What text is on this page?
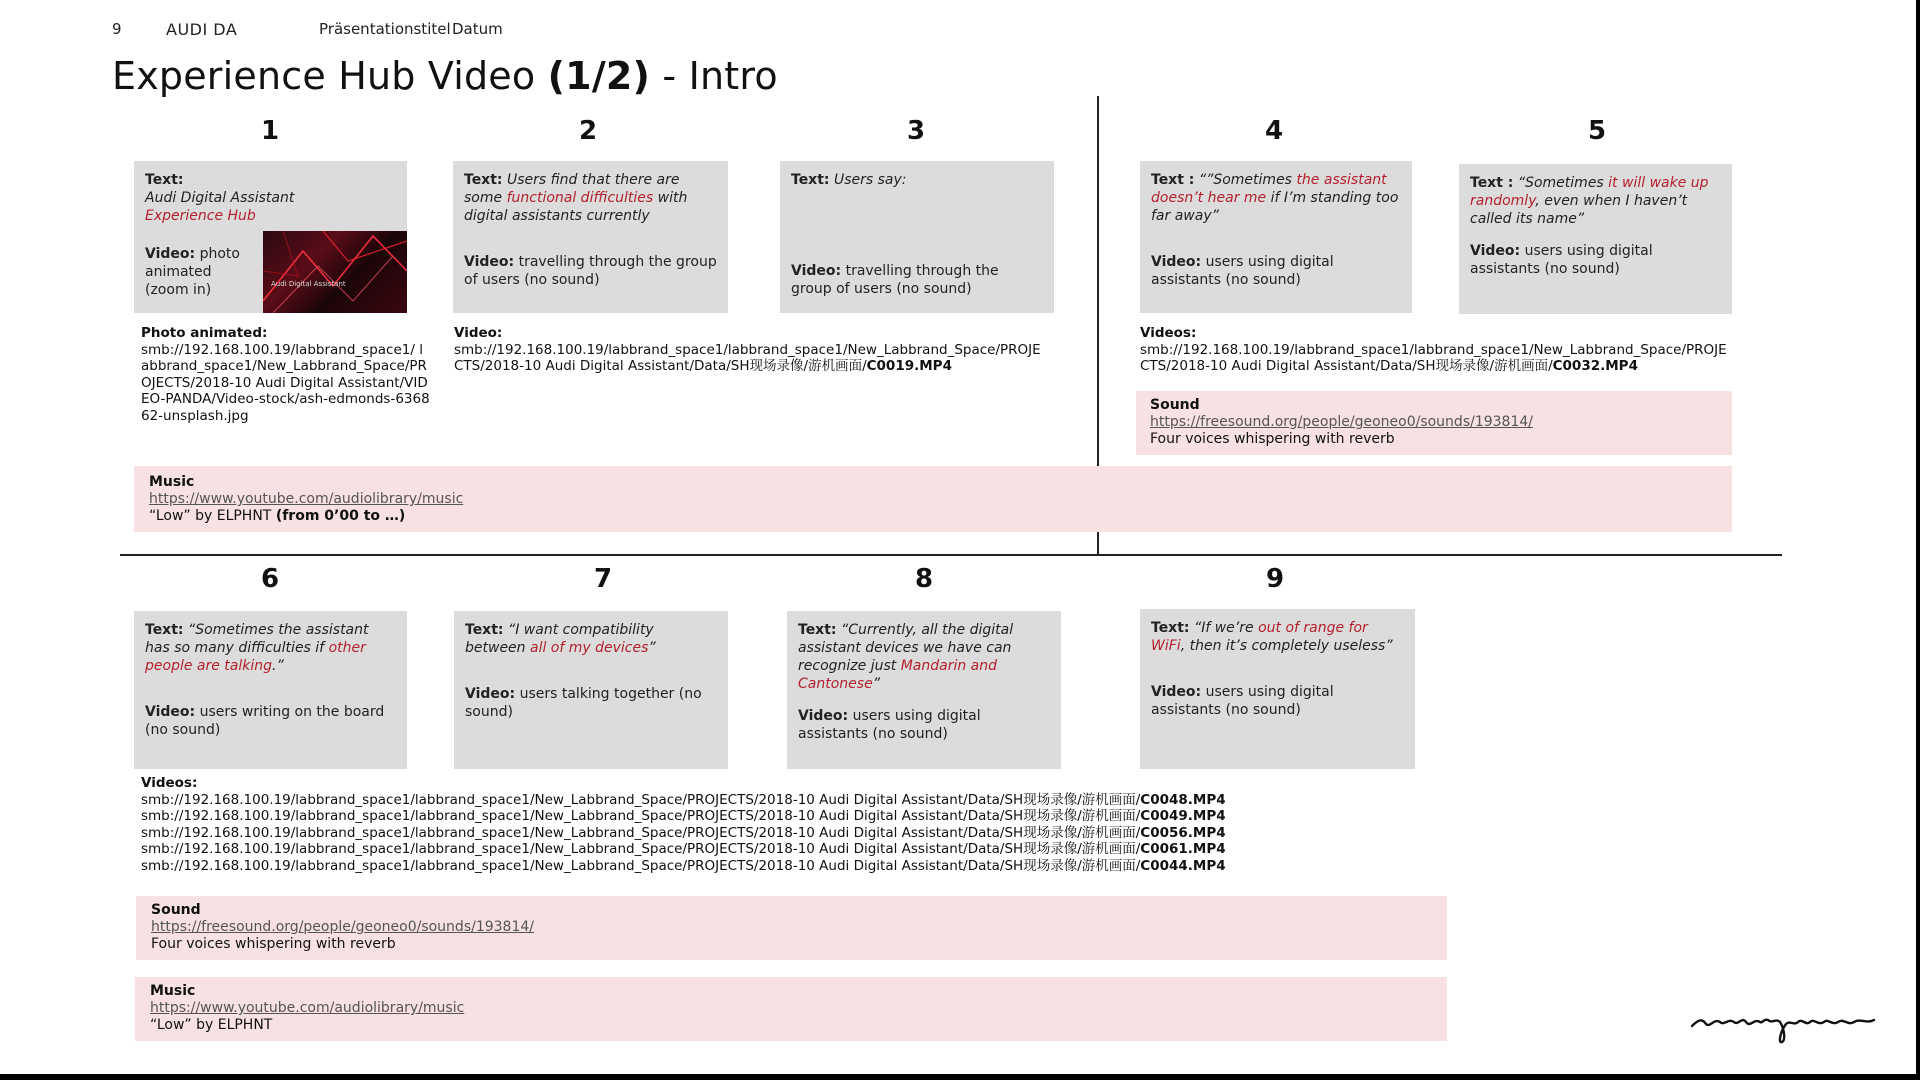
9	AUDI DA	Präsentationstitel Datum
Experience Hub Video (1/2) - Intro
1	2	3	4	5
6	7	8	9
Text:
Audi Digital Assistant
Experience Hub
Video: photo
animated
(zoom in)	Audi Digital Assistant
Text: Users find that there are some functional difficulties with digital assistants currently
Video: travelling through the group of users (no sound)
Text: Users say:
Video: travelling through the group of users (no sound)
Text : “”Sometimes the assistant doesn’t hear me if I’m standing too far away”
Video: users using digital assistants (no sound)
Text : “Sometimes it will wake up randomly, even when I haven’t called its name”
Video: users using digital assistants (no sound)
Photo animated:
smb://192.168.100.19/labbrand_space1/ labbrand_space1/New_Labbrand_Space/PR OJECTS/2018-10 Audi Digital Assistant/VIDEO-PANDA/Video-stock/ash-edmonds-636862-unsplash.jpg
Video:
smb://192.168.100.19/labbrand_space1/labbrand_space1/New_Labbrand_Space/PROJECTS/2018-10 Audi Digital Assistant/Data/SH现场录像/游机画面/C0019.MP4
Videos:
smb://192.168.100.19/labbrand_space1/labbrand_space1/New_Labbrand_Space/PROJECTS/2018-10 Audi Digital Assistant/Data/SH现场录像/游机画面/C0032.MP4
Sound
https://freesound.org/people/geoneo0/sounds/193814/
Four voices whispering with reverb
Music
https://www.youtube.com/audiolibrary/music
“Low” by ELPHNT (from 0’00 to …)
Text: “Sometimes the assistant has so many difficulties if other people are talking.”
Video: users writing on the board (no sound)
Text: “I want compatibility between all of my devices”
Video: users talking together (no sound)
Text: “Currently, all the digital assistant devices we have can recognize just Mandarin and Cantonese”
Video: users using digital assistants (no sound)
Text: “If we’re out of range for WiFi, then it’s completely useless”
Video: users using digital assistants (no sound)
Videos:
smb://192.168.100.19/labbrand_space1/labbrand_space1/New_Labbrand_Space/PROJECTS/2018-10 Audi Digital Assistant/Data/SH现场录像/游机画面/C0048.MP4
smb://192.168.100.19/labbrand_space1/labbrand_space1/New_Labbrand_Space/PROJECTS/2018-10 Audi Digital Assistant/Data/SH现场录像/游机画面/C0049.MP4
smb://192.168.100.19/labbrand_space1/labbrand_space1/New_Labbrand_Space/PROJECTS/2018-10 Audi Digital Assistant/Data/SH现场录像/游机画面/C0056.MP4
smb://192.168.100.19/labbrand_space1/labbrand_space1/New_Labbrand_Space/PROJECTS/2018-10 Audi Digital Assistant/Data/SH现场录像/游机画面/C0061.MP4
smb://192.168.100.19/labbrand_space1/labbrand_space1/New_Labbrand_Space/PROJECTS/2018-10 Audi Digital Assistant/Data/SH现场录像/游机画面/C0044.MP4
Sound
https://freesound.org/people/geoneo0/sounds/193814/
Four voices whispering with reverb
Music
https://www.youtube.com/audiolibrary/music
“Low” by ELPHNT
